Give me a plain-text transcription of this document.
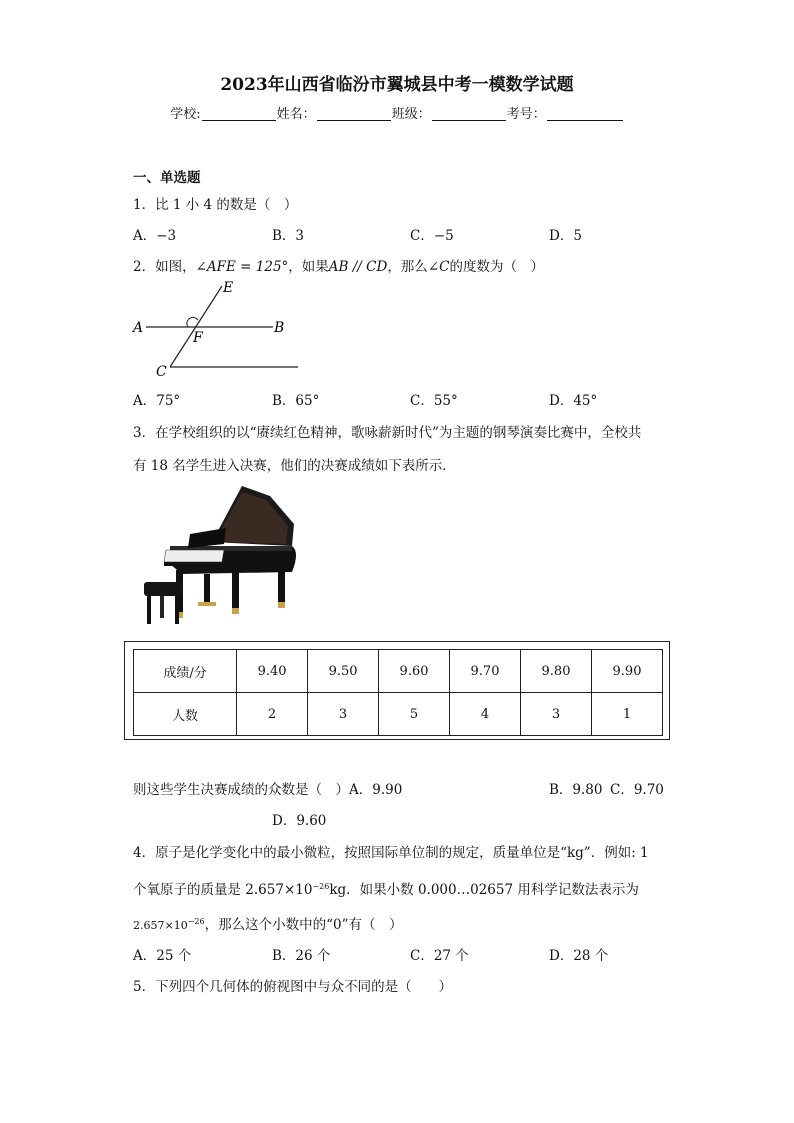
2023年山西省临汾市翼城县中考一模数学试题
学校:	姓名：	班级：	考号：
一、单选题
1．比 1 小 4 的数是（　）
A．−3	B．3	C．−5	D．5
2．如图，∠AFE = 125°，如果AB // CD，那么∠C的度数为（　）
A	B
C
E
F
A．75°	B．65°	C．55°	D．45°
3．在学校组织的以“赓续红色精神，歌咏薪新时代”为主题的钢琴演奏比赛中，全校共
有 18 名学生进入决赛，他们的决赛成绩如下表所示．
成绩/分	9.40	9.50	9.60	9.70	9.80	9.90
人数	2	3	5	4	3	1
则这些学生决赛成绩的众数是（　）A．9.90	B．9.80 C．9.70
D．9.60
4．原子是化学变化中的最小微粒，按照国际单位制的规定，质量单位是“kg”．例如: 1
个氧原子的质量是 $2.657\times 10^{-26}kg$．如果小数 0.000…02657 用科学记数法表示为
$2.657\times 10^{-26}$，那么这个小数中的“0”有（　）
A．25 个	B．26 个	C．27 个	D．28 个
5．下列四个几何体的俯视图中与众不同的是（　　）
